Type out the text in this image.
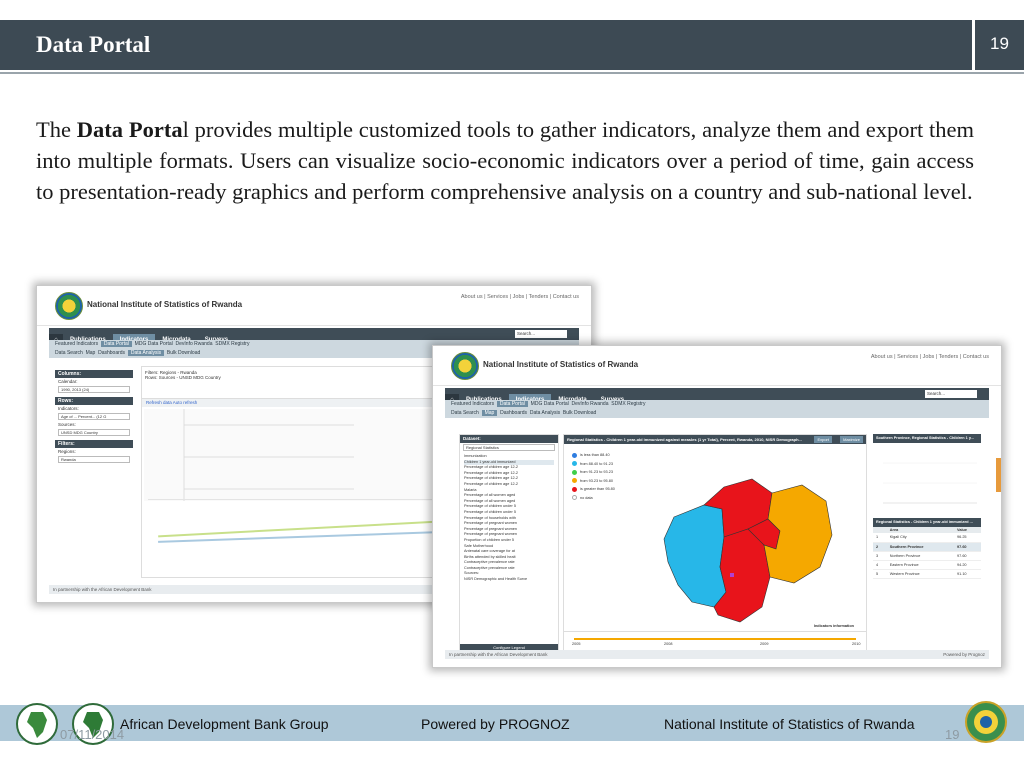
Data Portal	19

The Data Portal provides multiple customized tools to gather indicators, analyze them and export them into multiple formats. Users can visualize socio-economic indicators over a period of time, gain access to presentation-ready graphics and perform comprehensive analysis on a country and sub-national level.

National Institute of Statistics of Rwanda
About us | Services | Jobs | Tenders | Contact us
Search...
Featured Indicators Data Portal MDG Data Portal DevInfo Rwanda SDMX Registry
Data Search Map Dashboards Data Analysis Bulk Download
Columns:
Calendar:
1990, 2013 (24)
Rows:
Indicators:
Age of ... Percent... (12 G
Sources:
UNSD MDG Country
Filters:
Regions:
Rwanda
Filters: Regions - Rwanda
Rows: Sources - UNSD MDG Country
Refresh data Auto refresh
In partnership with the African Development Bank
National Institute of Statistics of Rwanda
About us | Services | Jobs | Tenders | Contact us
Search...
Featured Indicators Data Portal MDG Data Portal DevInfo Rwanda SDMX Registry
Data Search Map Dashboards Data Analysis Bulk Download
Dataset:
Regional Statistics
Immunization
Children 1 year-old immunized
Percentage of children age 12-2
Percentage of children age 12-2
Percentage of children age 12-2
Percentage of children age 12-2
Malaria
Percentage of all women aged
Percentage of all women aged
Percentage of children under 5
Percentage of children under 5
Percentage of households with
Percentage of pregnant women
Percentage of pregnant women
Percentage of pregnant women
Proportion of children under 5
Safe Motherhood
Antenatal care coverage for at
Births attended by skilled healt
Contraceptive prevalence rate
Contraceptive prevalence rate
Sources:
NISR Demographic and Health Surve
Configure Legend
Regional Statistics - Children 1 year-old immunized against measles (1 yr Total), Percent, Rwanda, 2010, NISR Demograph...	Export	Maximize
is less than 88.40
from 88.40 to 91.23
from 91.23 to 93.23
from 93.23 to 95.80
is greater than 95.80
no data
Indicators information
2005	2008	2009	2010
Southern Province, Regional Statistics - Children 1 y...
Regional Statistics - Children 1 year-old immunized ...
	Area	Value
1	Kigali City	96.25
2	Southern Province	97.60
3	Northern Province	97.60
4	Eastern Province	94.20
5	Western Province	91.10
In partnership with the African Development Bank	Powered by Prognoz
07/11/2014
African Development Bank Group	Powered by PROGNOZ	National Institute of Statistics of Rwanda
19
